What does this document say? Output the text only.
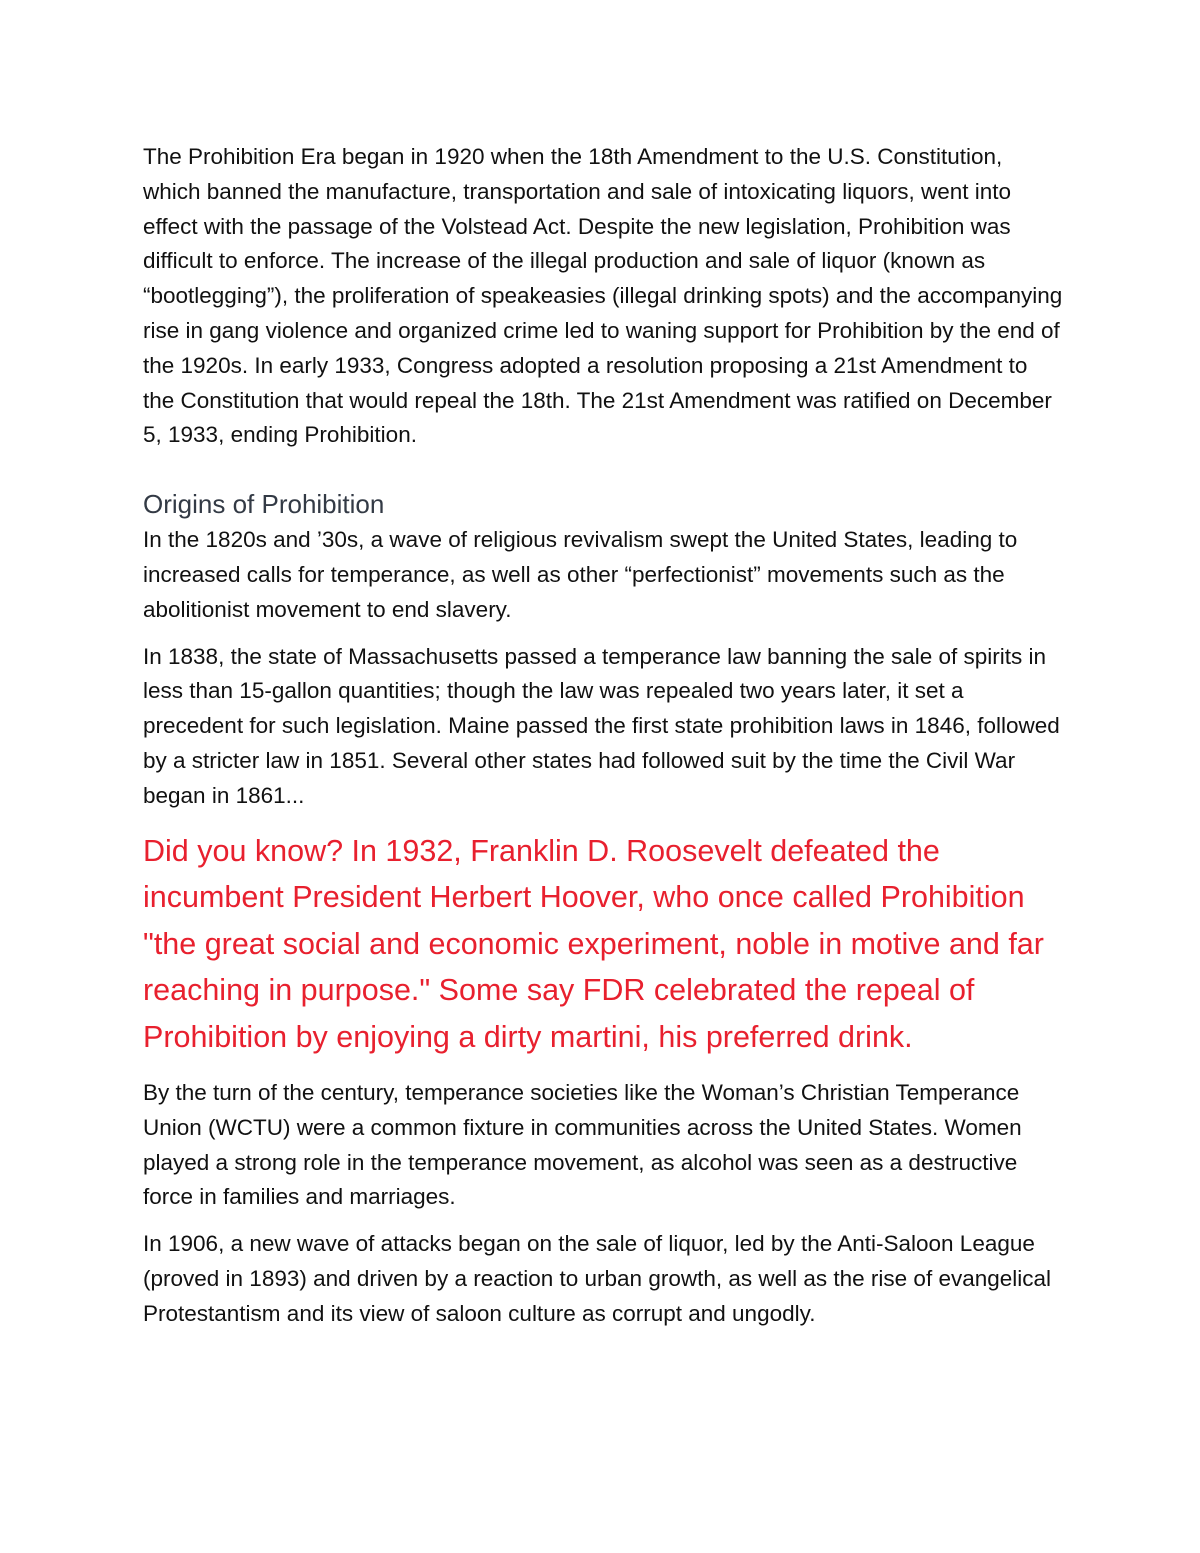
The Prohibition Era began in 1920 when the 18th Amendment to the U.S. Constitution, which banned the manufacture, transportation and sale of intoxicating liquors, went into effect with the passage of the Volstead Act. Despite the new legislation, Prohibition was difficult to enforce. The increase of the illegal production and sale of liquor (known as “bootlegging”), the proliferation of speakeasies (illegal drinking spots) and the accompanying rise in gang violence and organized crime led to waning support for Prohibition by the end of the 1920s. In early 1933, Congress adopted a resolution proposing a 21st Amendment to the Constitution that would repeal the 18th. The 21st Amendment was ratified on December 5, 1933, ending Prohibition.

Origins of Prohibition

In the 1820s and ’30s, a wave of religious revivalism swept the United States, leading to increased calls for temperance, as well as other “perfectionist” movements such as the abolitionist movement to end slavery.

In 1838, the state of Massachusetts passed a temperance law banning the sale of spirits in less than 15-gallon quantities; though the law was repealed two years later, it set a precedent for such legislation. Maine passed the first state prohibition laws in 1846, followed by a stricter law in 1851. Several other states had followed suit by the time the Civil War began in 1861...

Did you know? In 1932, Franklin D. Roosevelt defeated the incumbent President Herbert Hoover, who once called Prohibition "the great social and economic experiment, noble in motive and far reaching in purpose." Some say FDR celebrated the repeal of Prohibition by enjoying a dirty martini, his preferred drink.

By the turn of the century, temperance societies like the Woman’s Christian Temperance Union (WCTU) were a common fixture in communities across the United States. Women played a strong role in the temperance movement, as alcohol was seen as a destructive force in families and marriages.

In 1906, a new wave of attacks began on the sale of liquor, led by the Anti-Saloon League (proved in 1893) and driven by a reaction to urban growth, as well as the rise of evangelical Protestantism and its view of saloon culture as corrupt and ungodly.
